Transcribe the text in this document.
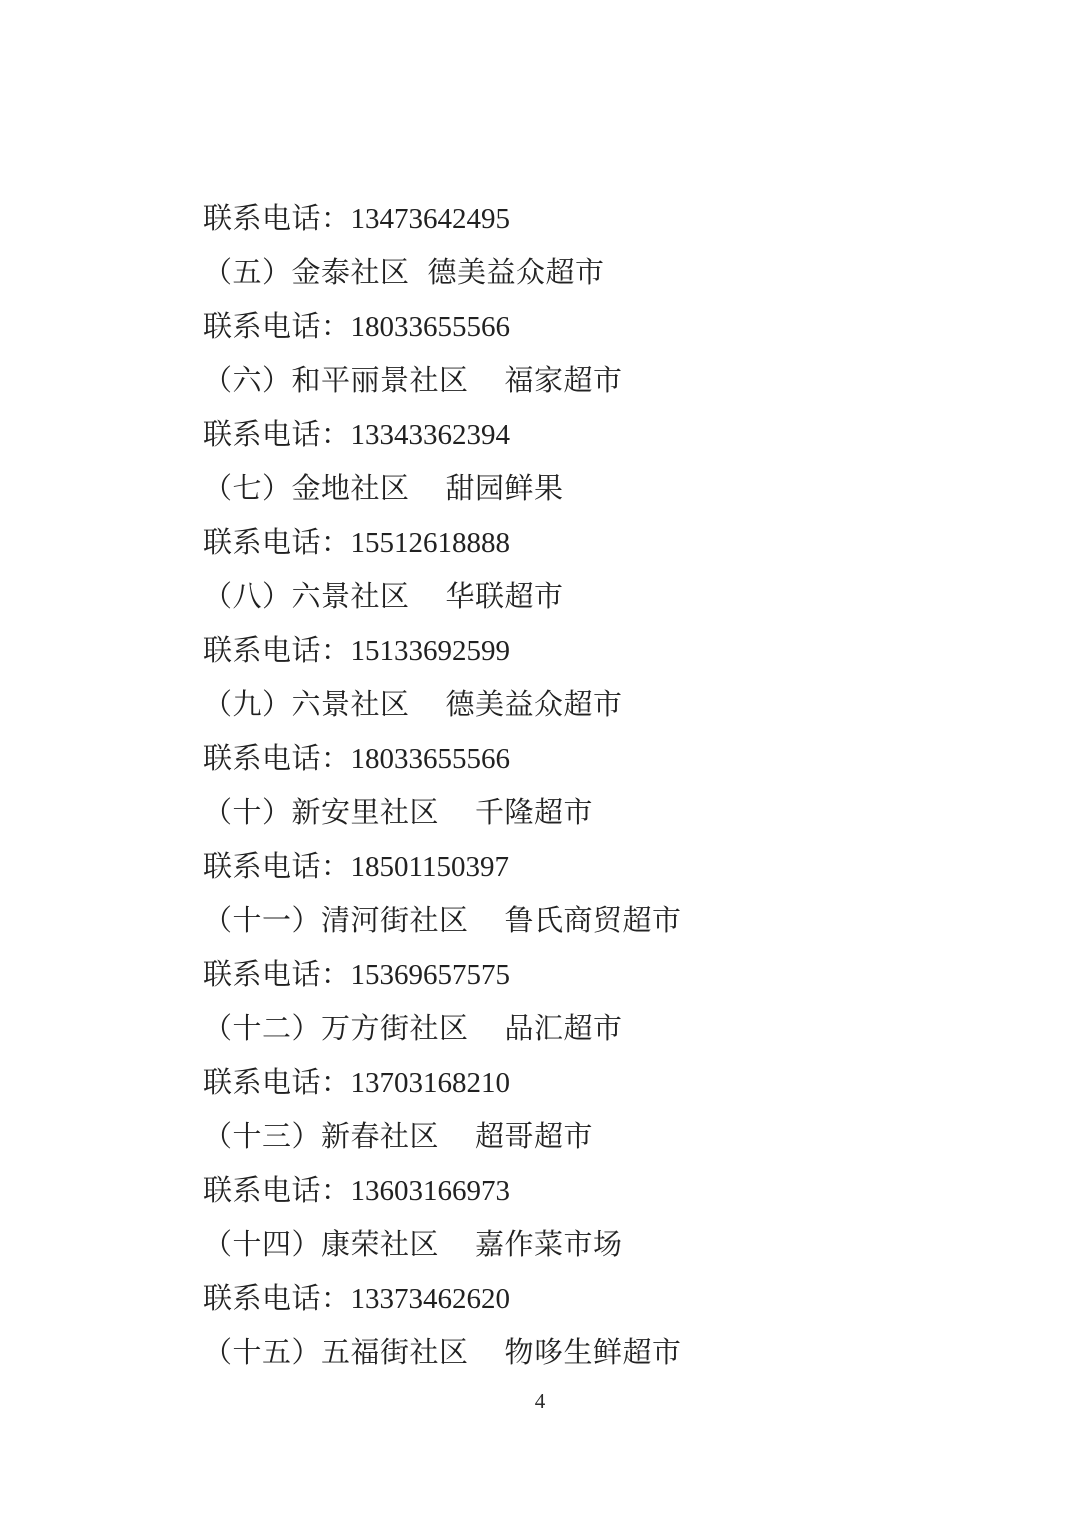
联系电话：13473642495
（五）金泰社区 德美益众超市
联系电话：18033655566
（六）和平丽景社区 福家超市
联系电话：13343362394
（七）金地社区 甜园鲜果
联系电话：15512618888
（八）六景社区 华联超市
联系电话：15133692599
（九）六景社区 德美益众超市
联系电话：18033655566
（十）新安里社区 千隆超市
联系电话：18501150397
（十一）清河街社区 鲁氏商贸超市
联系电话：15369657575
（十二）万方街社区 品汇超市
联系电话：13703168210
（十三）新春社区 超哥超市
联系电话：13603166973
（十四）康荣社区 嘉作菜市场
联系电话：13373462620
（十五）五福街社区 物哆生鲜超市
4
